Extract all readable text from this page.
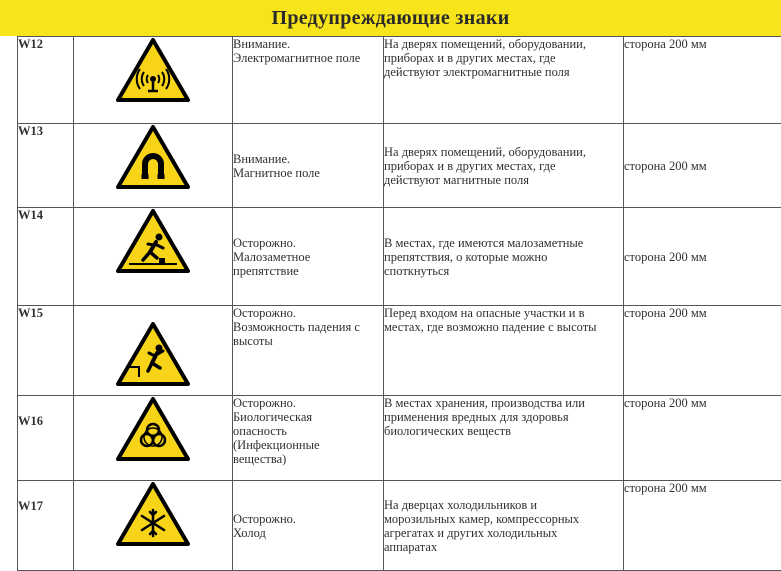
Предупреждающие знаки
W12		Внимание.
Электромагнитное поле	На дверях помещений, оборудовании,
приборах и в других местах, где
действуют электромагнитные поля	сторона 200 мм
W13		Внимание.
Магнитное поле	На дверях помещений, оборудовании,
приборах и в других местах, где
действуют магнитные поля	сторона 200 мм
W14		Осторожно.
Малозаметное
препятствие	В местах, где имеются малозаметные
препятствия, о которые можно
споткнуться	сторона 200 мм
W15		Осторожно.
Возможность падения с
высоты	Перед входом на опасные участки и в
местах, где возможно падение с высоты	сторона 200 мм
W16		Осторожно.
Биологическая
опасность
(Инфекционные
вещества)	В местах хранения, производства или
применения вредных для здоровья
биологических веществ	сторона 200 мм
W17		Осторожно.
Холод	На дверцах холодильников и
морозильных камер, компрессорных
агрегатах и других холодильных
аппаратах	сторона 200 мм
